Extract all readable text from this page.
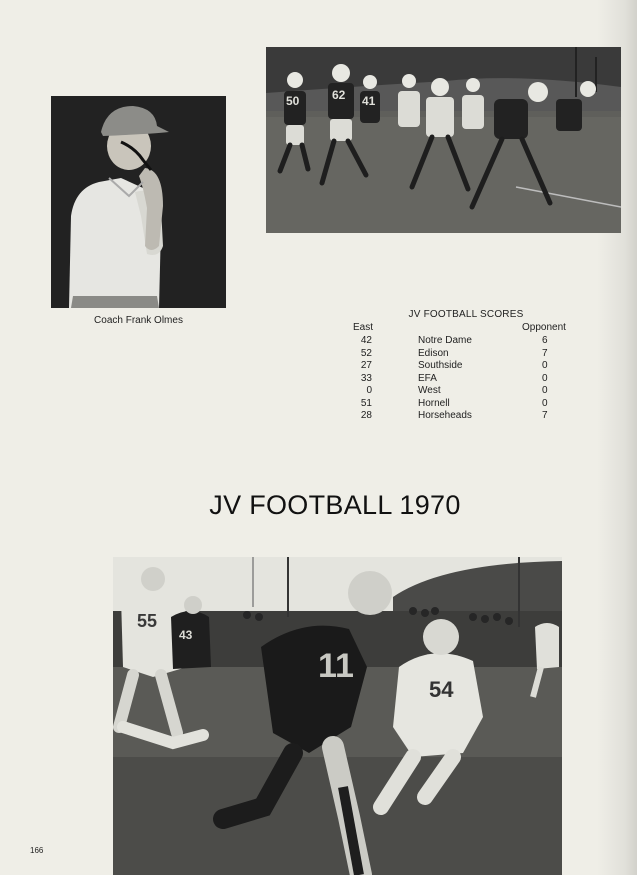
Coach Frank Olmes
50	62 41
JV FOOTBALL SCORES
East	Opponent
42	Notre Dame	6
52	Edison	7
27	Southside	0
33	EFA	0
0	West	0
51	Hornell	0
28	Horseheads	7
JV FOOTBALL 1970
55
43
11
54
166
